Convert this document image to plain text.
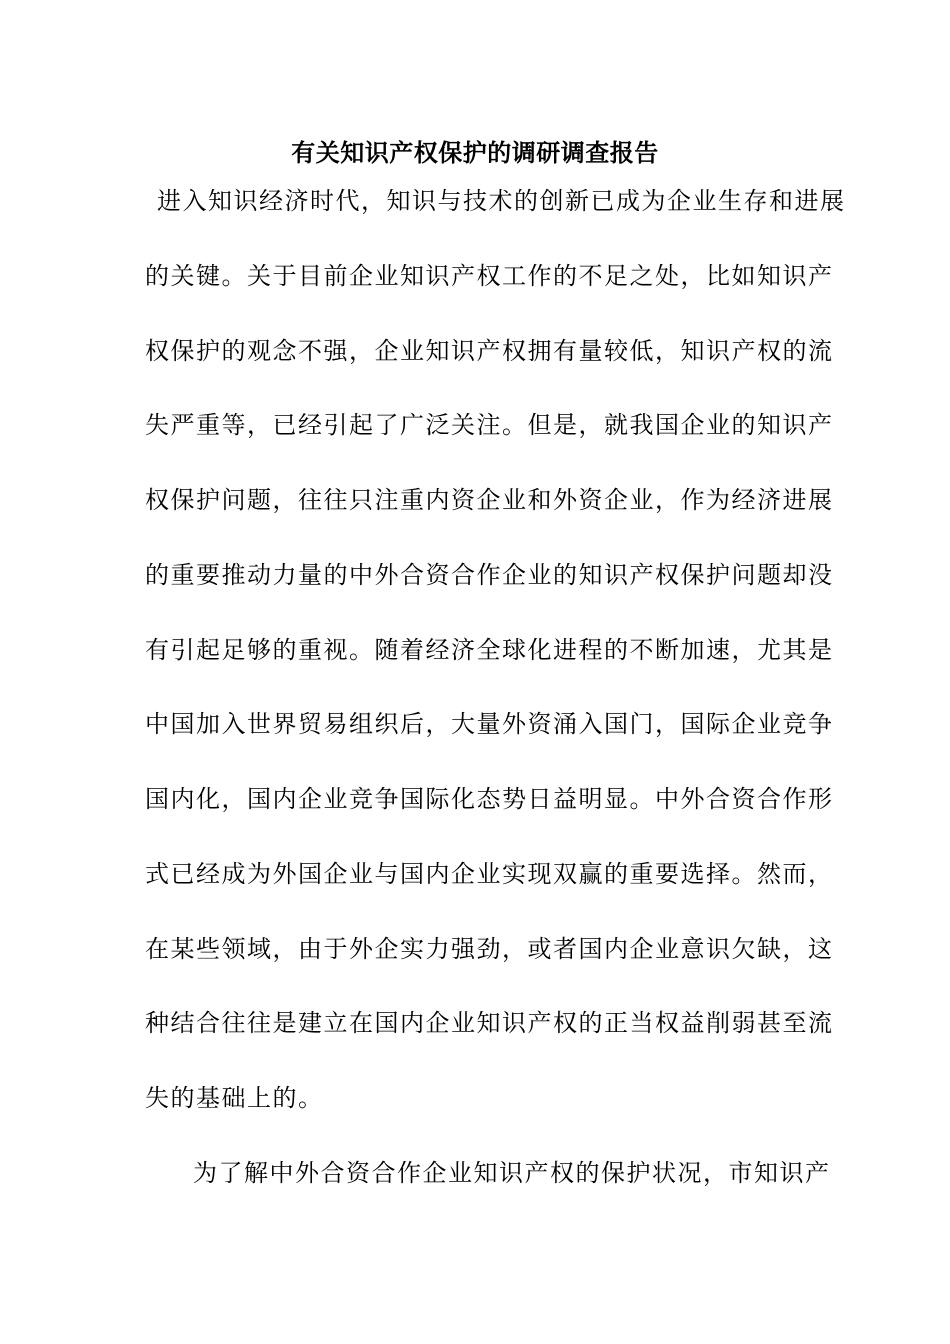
有关知识产权保护的调研调查报告
进入知识经济时代，知识与技术的创新已成为企业生存和进展
的关键。关于目前企业知识产权工作的不足之处，比如知识产
权保护的观念不强，企业知识产权拥有量较低，知识产权的流
失严重等，已经引起了广泛关注。但是，就我国企业的知识产
权保护问题，往往只注重内资企业和外资企业，作为经济进展
的重要推动力量的中外合资合作企业的知识产权保护问题却没
有引起足够的重视。随着经济全球化进程的不断加速，尤其是
中国加入世界贸易组织后，大量外资涌入国门，国际企业竞争
国内化，国内企业竞争国际化态势日益明显。中外合资合作形
式已经成为外国企业与国内企业实现双赢的重要选择。然而，
在某些领域，由于外企实力强劲，或者国内企业意识欠缺，这
种结合往往是建立在国内企业知识产权的正当权益削弱甚至流
失的基础上的。
为了解中外合资合作企业知识产权的保护状况，市知识产
